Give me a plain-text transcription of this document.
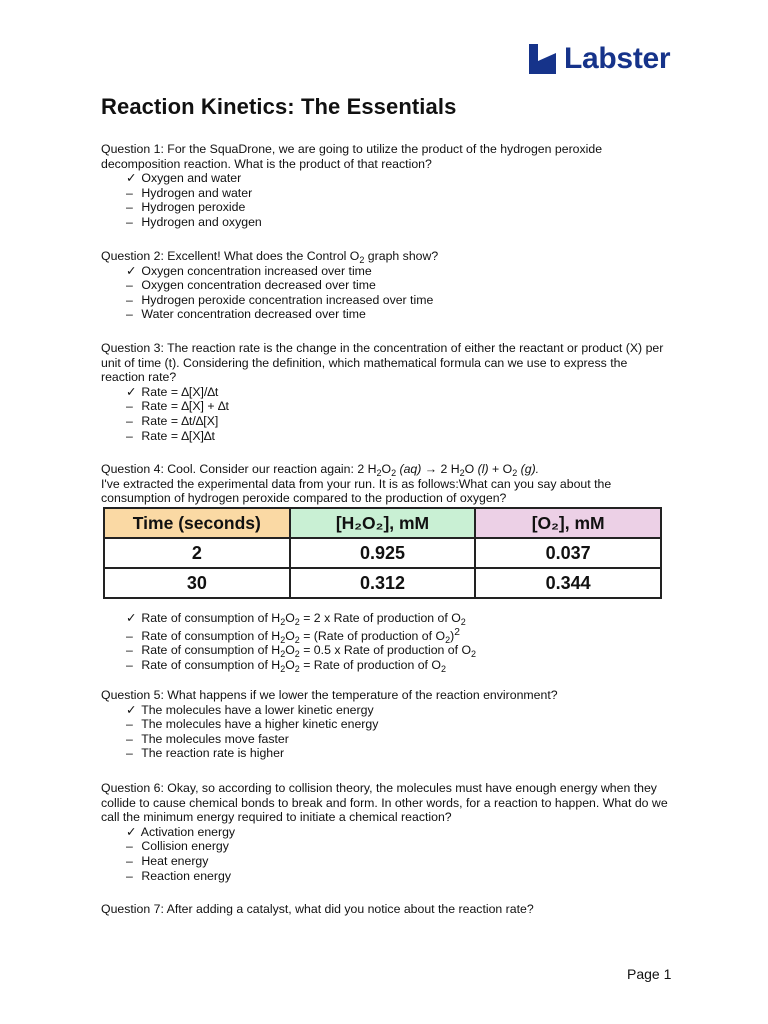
Labster
Reaction Kinetics: The Essentials

Question 1: For the SquaDrone, we are going to utilize the product of the hydrogen peroxide decomposition reaction. What is the product of that reaction?

✓ Oxygen and water
– Hydrogen and water
– Hydrogen peroxide
– Hydrogen and oxygen

Question 2: Excellent! What does the Control $O_2$ graph show?

✓ Oxygen concentration increased over time
– Oxygen concentration decreased over time
– Hydrogen peroxide concentration increased over time
– Water concentration decreased over time

Question 3: The reaction rate is the change in the concentration of either the reactant or product (X) per unit of time (t). Considering the definition, which mathematical formula can we use to express the reaction rate?

✓ Rate = ∆[X]/∆t
– Rate = ∆[X] + ∆t
– Rate = ∆t/∆[X]
– Rate = ∆[X]∆t

Question 4: Cool. Consider our reaction again: 2 $H_2O_2$ (aq) → 2 $H_2O$ $(l) + O_2$ (g).

I've extracted the experimental data from your run. It is as follows:What can you say about the consumption of hydrogen peroxide compared to the production of oxygen?

Time (seconds)	[H₂O₂], mM	[O₂], mM
2	0.925	0.037
30	0.312	0.344
✓ Rate of consumption of $H_2O_2 = 2$ x Rate of production of $O_2$
– Rate of consumption of $H_2O_2$ = (Rate of production of $O_2)^2$
– Rate of consumption of $H_2O_2 = 0.5$ x Rate of production of $O_2$
– Rate of consumption of $H_2O_2$ = Rate of production of $O_2$

Question 5: What happens if we lower the temperature of the reaction environment?

✓ The molecules have a lower kinetic energy
– The molecules have a higher kinetic energy
– The molecules move faster
– The reaction rate is higher

Question 6: Okay, so according to collision theory, the molecules must have enough energy when they collide to cause chemical bonds to break and form. In other words, for a reaction to happen. What do we call the minimum energy required to initiate a chemical reaction?

✓ Activation energy
– Collision energy
– Heat energy
– Reaction energy

Question 7: After adding a catalyst, what did you notice about the reaction rate?

Page 1
